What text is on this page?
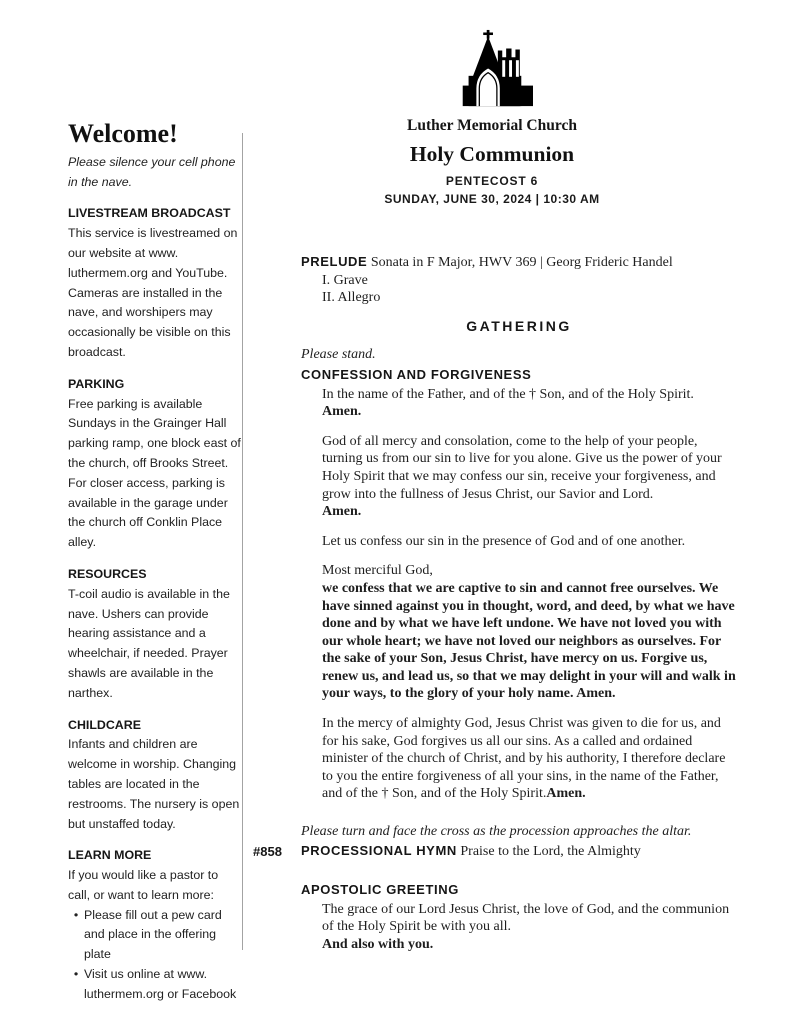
Luther Memorial Church
Holy Communion
PENTECOST 6
SUNDAY, JUNE 30, 2024 | 10:30 AM
Welcome!

Please silence your cell phone in the nave.

LIVESTREAM BROADCAST
This service is livestreamed on our website at www.​luthermem.org and YouTube. Cameras are installed in the nave, and worshipers may occasionally be visible on this broadcast.
PARKING
Free parking is available Sundays in the Grainger Hall parking ramp, one block east of the church, off Brooks Street. For closer access, parking is available in the garage under the church off Conklin Place alley.
RESOURCES
T-coil audio is available in the nave. Ushers can provide hearing assistance and a wheelchair, if needed. Prayer shawls are available in the narthex.
CHILDCARE
Infants and children are welcome in worship. Changing tables are located in the restrooms. The nursery is open but unstaffed today.
LEARN MORE
If you would like a pastor to call, or want to learn more:
• Please fill out a pew card and place in the offering plate
• Visit us online at www.​luthermem.org or Facebook
PRELUDE Sonata in F Major, HWV 369 | Georg Frideric Handel
I. Grave
II. Allegro
GATHERING
Please stand.
CONFESSION AND FORGIVENESS
In the name of the Father, and of the † Son, and of the Holy Spirit.
Amen.
God of all mercy and consolation, come to the help of your people, turning us from our sin to live for you alone. Give us the power of your Holy Spirit that we may confess our sin, receive your forgiveness, and grow into the fullness of Jesus Christ, our Savior and Lord.
Amen.
Let us confess our sin in the presence of God and of one another.
Most merciful God,
we confess that we are captive to sin and cannot free ourselves. We have sinned against you in thought, word, and deed, by what we have done and by what we have left undone. We have not loved you with our whole heart; we have not loved our neighbors as ourselves. For the sake of your Son, Jesus Christ, have mercy on us. Forgive us, renew us, and lead us, so that we may delight in your will and walk in your ways, to the glory of your holy name. Amen.
In the mercy of almighty God, Jesus Christ was given to die for us, and for his sake, God forgives us all our sins. As a called and ordained minister of the church of Christ, and by his authority, I therefore declare to you the entire forgiveness of all your sins, in the name of the Father, and of the † Son, and of the Holy Spirit.Amen.
Please turn and face the cross as the procession approaches the altar.
#858 PROCESSIONAL HYMN Praise to the Lord, the Almighty
APOSTOLIC GREETING
The grace of our Lord Jesus Christ, the love of God, and the communion of the Holy Spirit be with you all.
And also with you.
